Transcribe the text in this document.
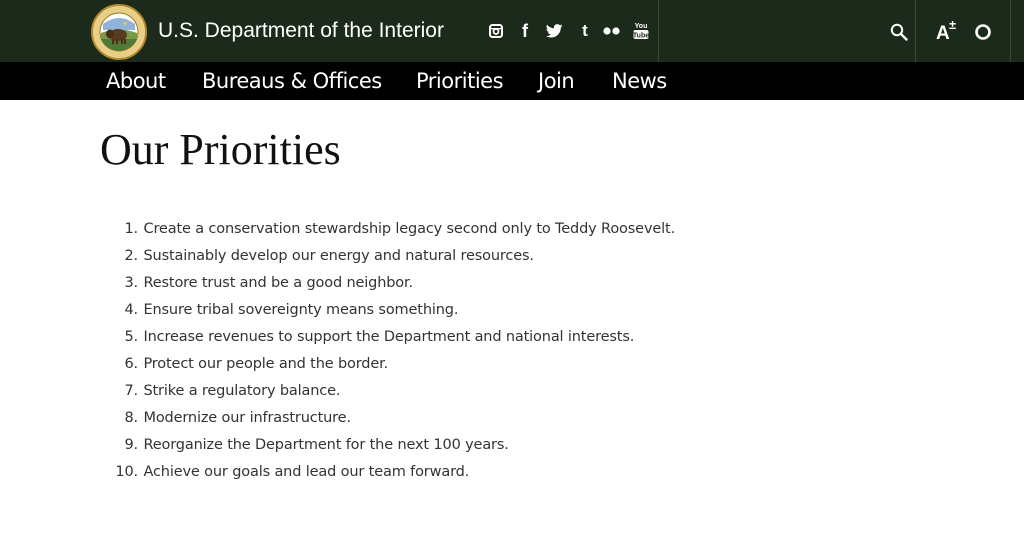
U.S. Department of the Interior	f	t	You
Tube	A ±
About Bureaus & Offices Priorities Join News
Our Priorities
1. Create a conservation stewardship legacy second only to Teddy Roosevelt.
2. Sustainably develop our energy and natural resources.
3. Restore trust and be a good neighbor.
4. Ensure tribal sovereignty means something.
5. Increase revenues to support the Department and national interests.
6. Protect our people and the border.
7. Strike a regulatory balance.
8. Modernize our infrastructure.
9. Reorganize the Department for the next 100 years.
10. Achieve our goals and lead our team forward.
